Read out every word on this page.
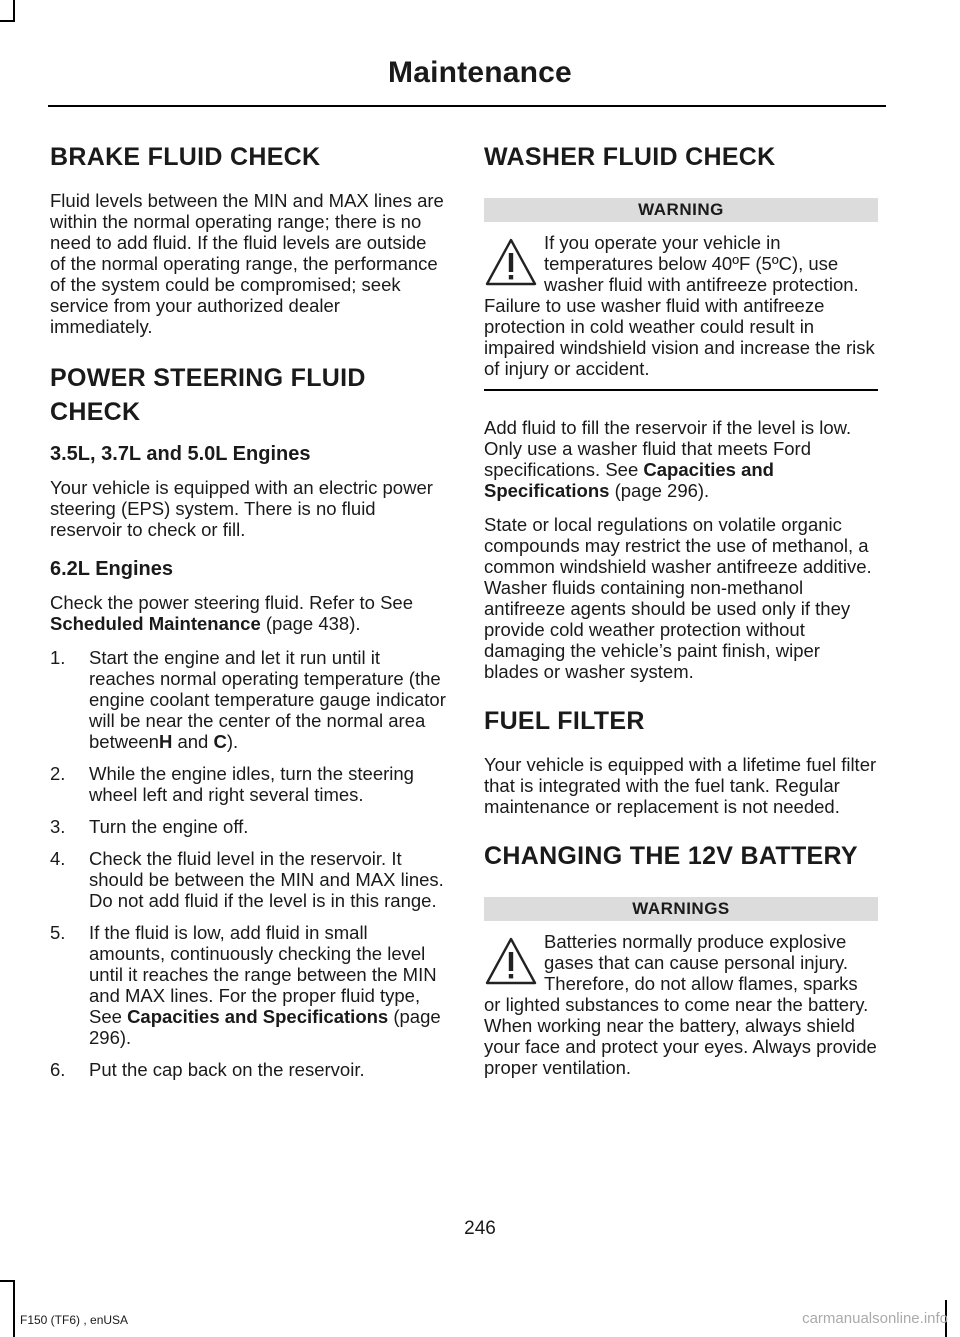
Maintenance
BRAKE FLUID CHECK

Fluid levels between the MIN and MAX lines are within the normal operating range; there is no need to add fluid. If the fluid levels are outside of the normal operating range, the performance of the system could be compromised; seek service from your authorized dealer immediately.

POWER STEERING FLUID
CHECK
3.5L, 3.7L and 5.0L Engines

Your vehicle is equipped with an electric power steering (EPS) system. There is no fluid reservoir to check or fill.

6.2L Engines

Check the power steering fluid. Refer to See Scheduled Maintenance (page 438).

1. Start the engine and let it run until it reaches normal operating temperature (the engine coolant temperature gauge indicator will be near the center of the normal area betweenH and C).
2. While the engine idles, turn the steering wheel left and right several times.
3. Turn the engine off.
4. Check the fluid level in the reservoir. It should be between the MIN and MAX lines. Do not add fluid if the level is in this range.
5. If the fluid is low, add fluid in small amounts, continuously checking the level until it reaches the range between the MIN and MAX lines. For the proper fluid type, See Capacities and Specifications (page 296).
6. Put the cap back on the reservoir.
WASHER FLUID CHECK
WARNING
If you operate your vehicle in temperatures below 40ºF (5ºC), use washer fluid with antifreeze protection. Failure to use washer fluid with antifreeze protection in cold weather could result in impaired windshield vision and increase the risk of injury or accident.

Add fluid to fill the reservoir if the level is low. Only use a washer fluid that meets Ford specifications. See Capacities and Specifications (page 296).

State or local regulations on volatile organic compounds may restrict the use of methanol, a common windshield washer antifreeze additive. Washer fluids containing non-methanol antifreeze agents should be used only if they provide cold weather protection without damaging the vehicle’s paint finish, wiper blades or washer system.

FUEL FILTER

Your vehicle is equipped with a lifetime fuel filter that is integrated with the fuel tank. Regular maintenance or replacement is not needed.

CHANGING THE 12V BATTERY
WARNINGS
Batteries normally produce explosive gases that can cause personal injury. Therefore, do not allow flames, sparks or lighted substances to come near the battery. When working near the battery, always shield your face and protect your eyes. Always provide proper ventilation.
246
F150 (TF6) , enUSA	carmanualsonline.info
